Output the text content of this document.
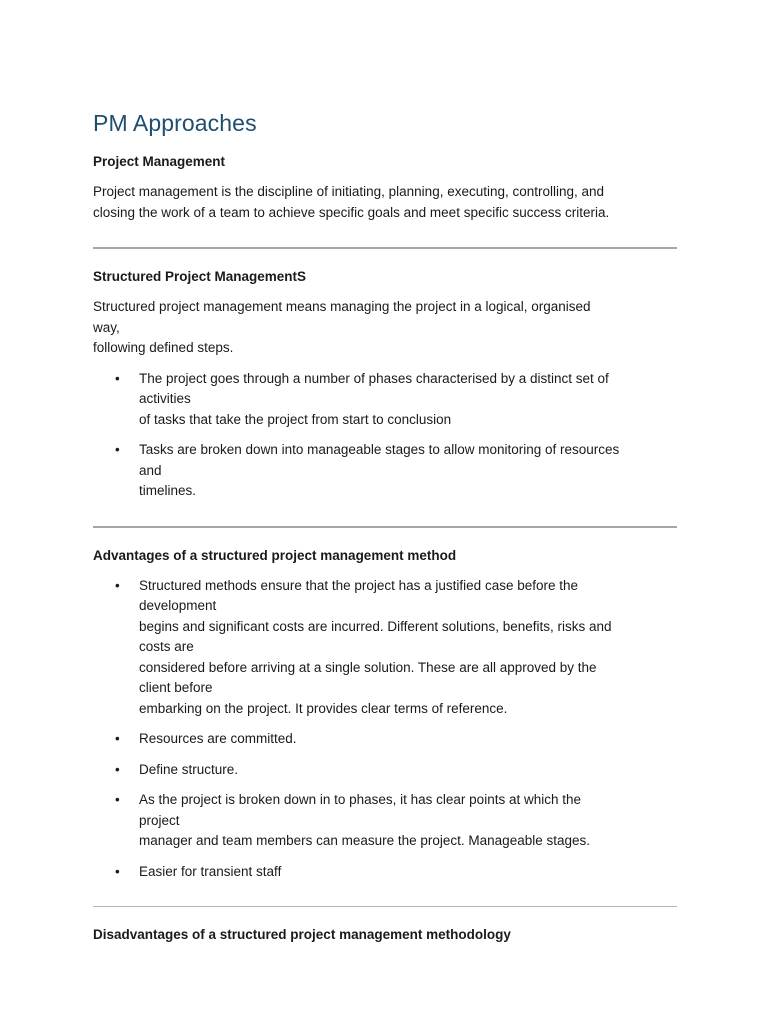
PM Approaches
Project Management

Project management is the discipline of initiating, planning, executing, controlling, and
closing the work of a team to achieve specific goals and meet specific success criteria.

Structured Project ManagementS

Structured project management means managing the project in a logical, organised
way,
following defined steps.

• The project goes through a number of phases characterised by a distinct set of
activities
of tasks that take the project from start to conclusion
• Tasks are broken down into manageable stages to allow monitoring of resources
and
timelines.
Advantages of a structured project management method
• Structured methods ensure that the project has a justified case before the
development
begins and significant costs are incurred. Different solutions, benefits, risks and
costs are
considered before arriving at a single solution. These are all approved by the
client before
embarking on the project. It provides clear terms of reference.
• Resources are committed.
• Define structure.
• As the project is broken down in to phases, it has clear points at which the
project
manager and team members can measure the project. Manageable stages.
• Easier for transient staff
Disadvantages of a structured project management methodology
